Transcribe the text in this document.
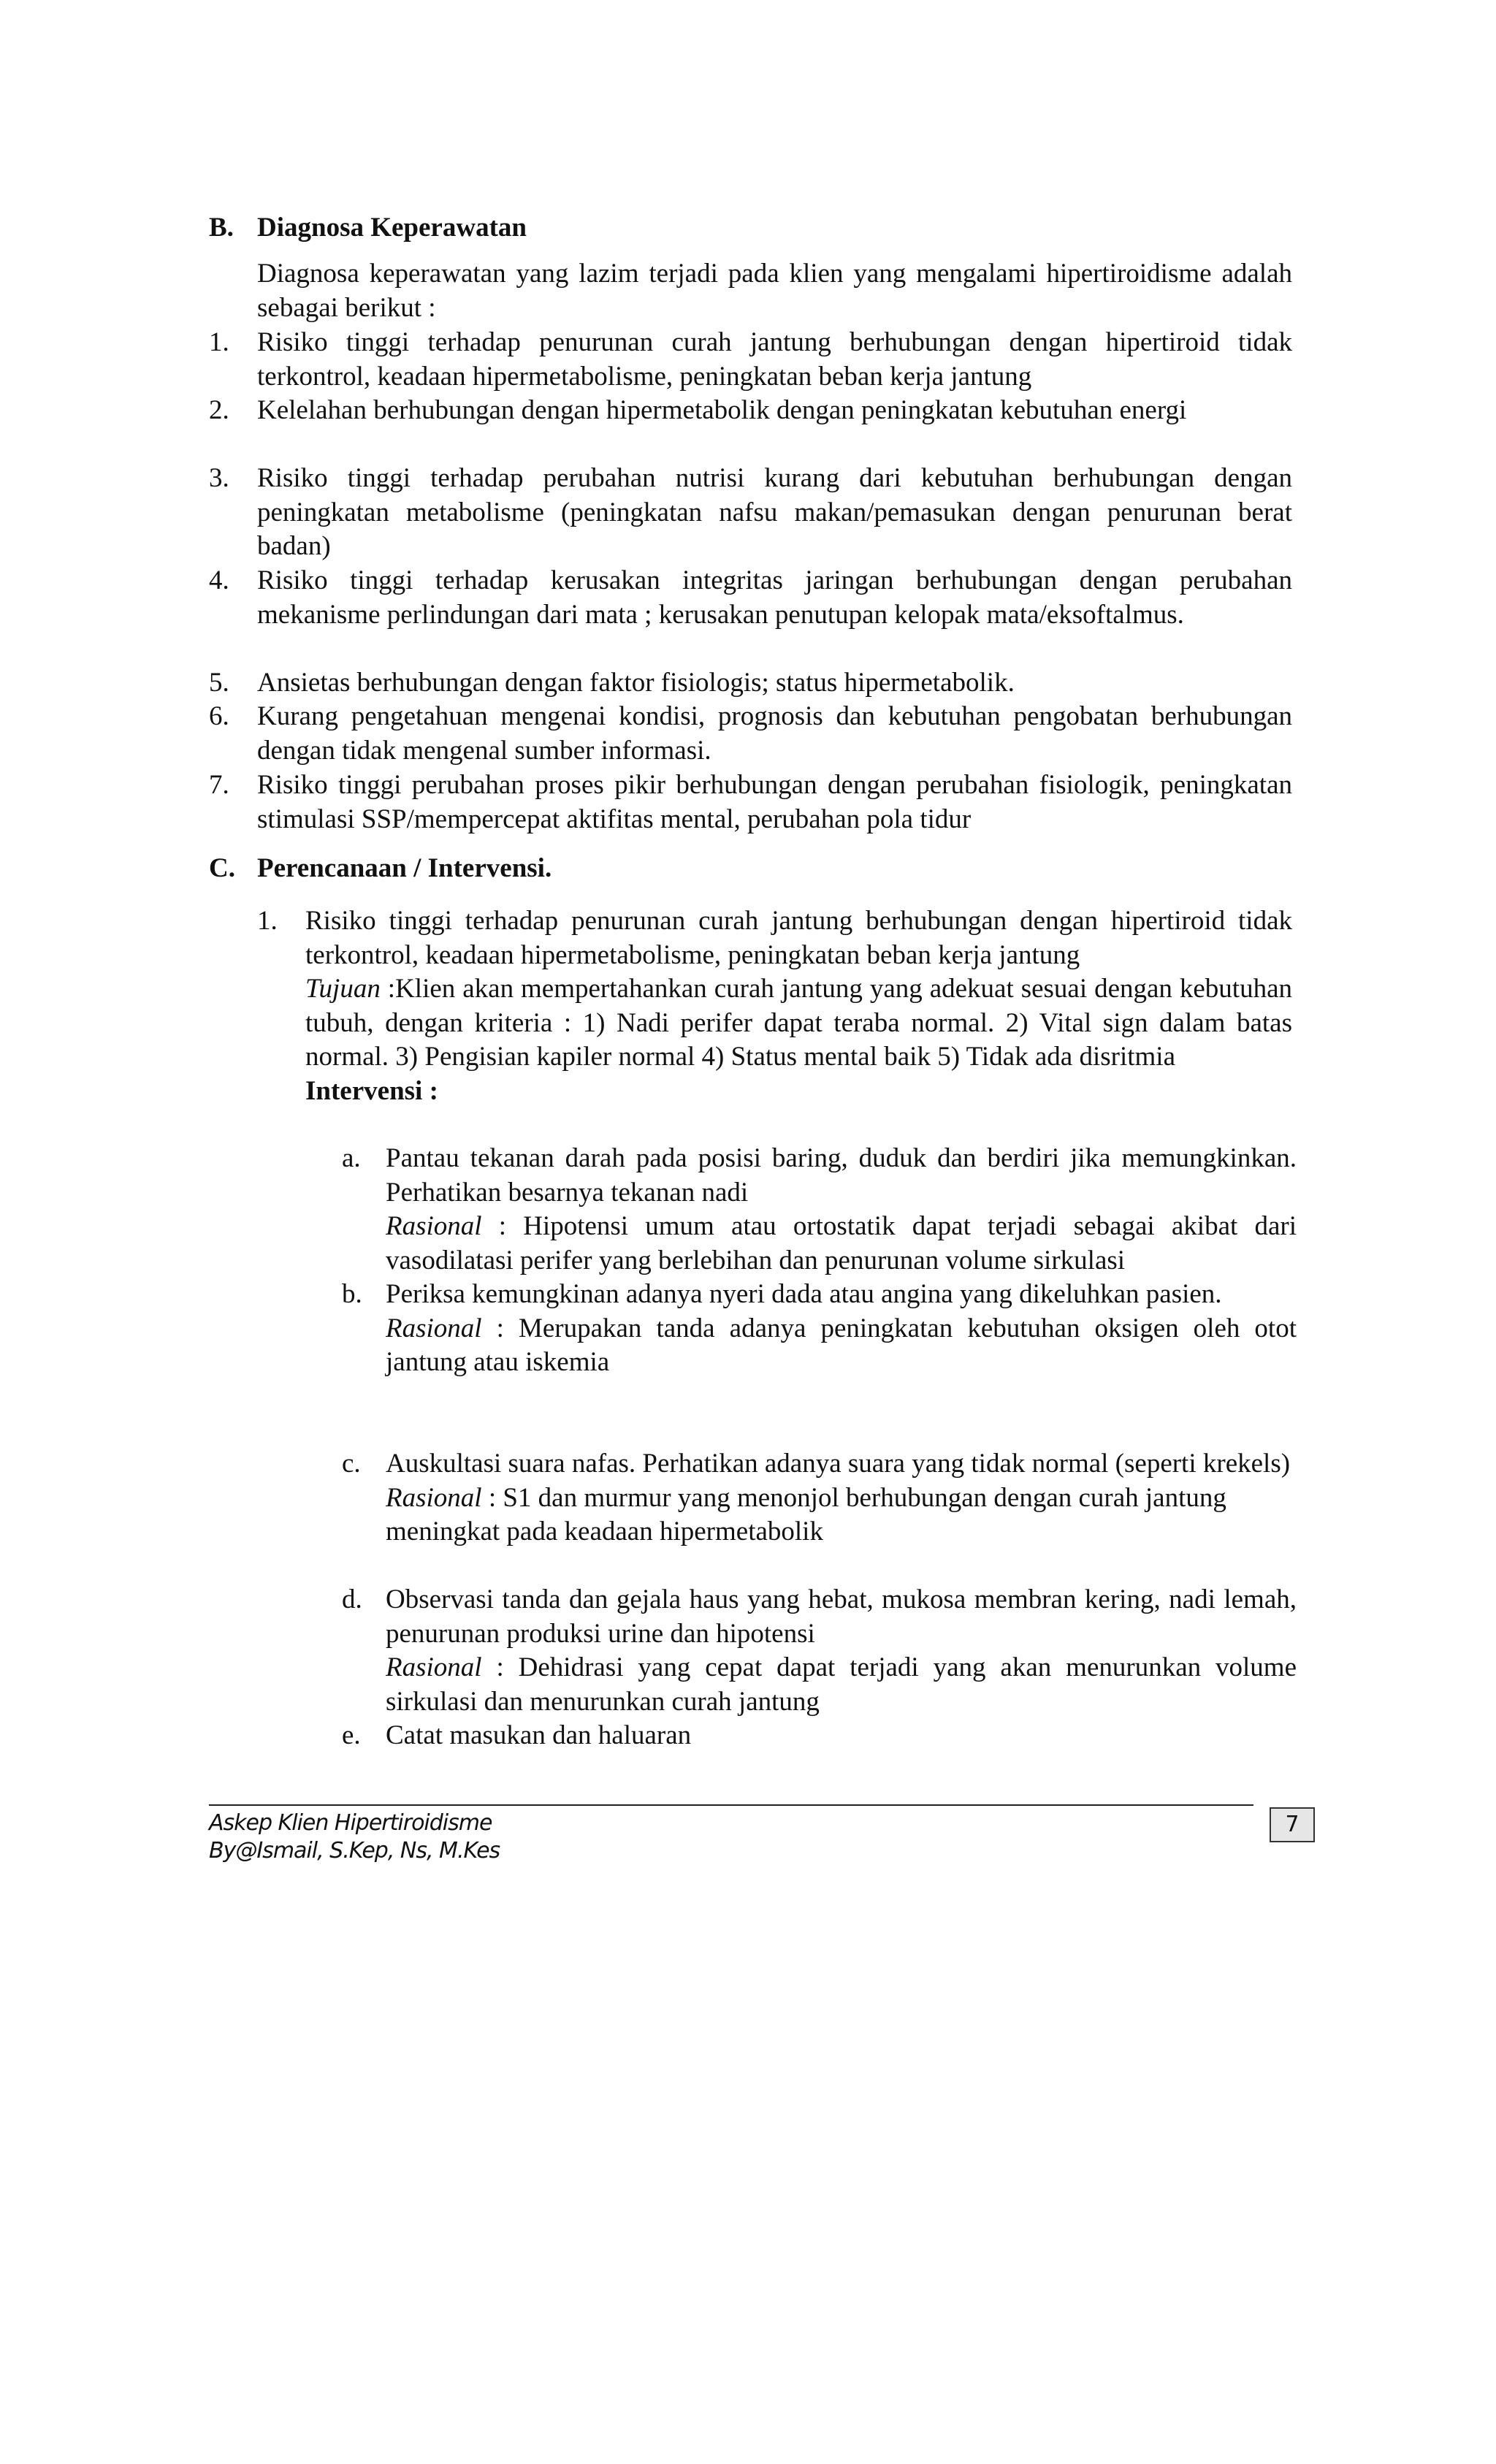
B. Diagnosa Keperawatan
Diagnosa keperawatan yang lazim terjadi pada klien yang mengalami hipertiroidisme adalah sebagai berikut :
1. Risiko tinggi terhadap penurunan curah jantung berhubungan dengan hipertiroid tidak terkontrol, keadaan hipermetabolisme, peningkatan beban kerja jantung
2. Kelelahan berhubungan dengan hipermetabolik dengan peningkatan kebutuhan energi
3. Risiko tinggi terhadap perubahan nutrisi kurang dari kebutuhan berhubungan dengan peningkatan metabolisme (peningkatan nafsu makan/pemasukan dengan penurunan berat badan)
4. Risiko tinggi terhadap kerusakan integritas jaringan berhubungan dengan perubahan mekanisme perlindungan dari mata ; kerusakan penutupan kelopak mata/eksoftalmus.
5. Ansietas berhubungan dengan faktor fisiologis; status hipermetabolik.
6. Kurang pengetahuan mengenai kondisi, prognosis dan kebutuhan pengobatan berhubungan dengan tidak mengenal sumber informasi.
7. Risiko tinggi perubahan proses pikir berhubungan dengan perubahan fisiologik, peningkatan stimulasi SSP/mempercepat aktifitas mental, perubahan pola tidur
C. Perencanaan / Intervensi.
1. Risiko tinggi terhadap penurunan curah jantung berhubungan dengan hipertiroid tidak terkontrol, keadaan hipermetabolisme, peningkatan beban kerja jantung
Tujuan :Klien akan mempertahankan curah jantung yang adekuat sesuai dengan kebutuhan tubuh, dengan kriteria : 1) Nadi perifer dapat teraba normal. 2) Vital sign dalam batas normal. 3) Pengisian kapiler normal 4) Status mental baik 5) Tidak ada disritmia
Intervensi :
a. Pantau tekanan darah pada posisi baring, duduk dan berdiri jika memungkinkan. Perhatikan besarnya tekanan nadi
Rasional : Hipotensi umum atau ortostatik dapat terjadi sebagai akibat dari vasodilatasi perifer yang berlebihan dan penurunan volume sirkulasi
b. Periksa kemungkinan adanya nyeri dada atau angina yang dikeluhkan pasien.
Rasional : Merupakan tanda adanya peningkatan kebutuhan oksigen oleh otot jantung atau iskemia
c. Auskultasi suara nafas. Perhatikan adanya suara yang tidak normal (seperti krekels)
Rasional : S1 dan murmur yang menonjol berhubungan dengan curah jantung meningkat pada keadaan hipermetabolik
d. Observasi tanda dan gejala haus yang hebat, mukosa membran kering, nadi lemah, penurunan produksi urine dan hipotensi
Rasional : Dehidrasi yang cepat dapat terjadi yang akan menurunkan volume sirkulasi dan menurunkan curah jantung
e. Catat masukan dan haluaran
Askep Klien Hipertiroidisme
By@Ismail, S.Kep, Ns, M.Kes
7
